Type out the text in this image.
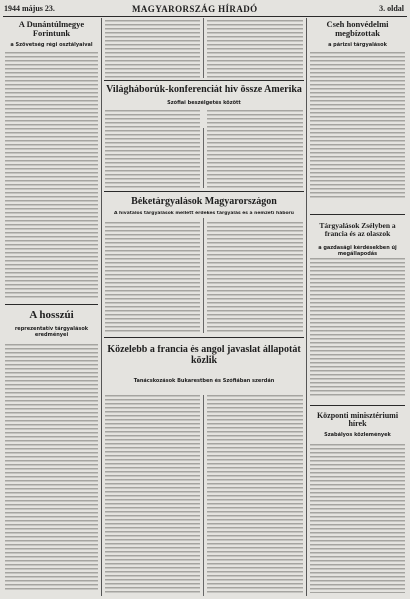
1944 május 23.	MAGYARORSZÁG HÍRADÓ	3. oldal
A Dunántúlmegye Forintunk
a Szövetség régi osztályaival
A hosszúi
reprezentatív tárgyalások eredményei
Világháborúk-konferenciát hív össze Amerika
Szófiai beszélgetés között
Béketárgyalások Magyarországon
A hivatalos tárgyalások mellett érdekes tárgyalás és a nemzeti háború
Közelebb a francia és angol javaslat állapotát közlik
Tanácskozások Bukarestben és Szófiában szerdán
Cseh honvédelmi megbízottak
a párizsi tárgyalások
Tárgyalások Zsélyben a francia és az olaszok
a gazdasági kérdésekben új megállapodás
Központi minisztériumi hírek
Szabályos közlemények
